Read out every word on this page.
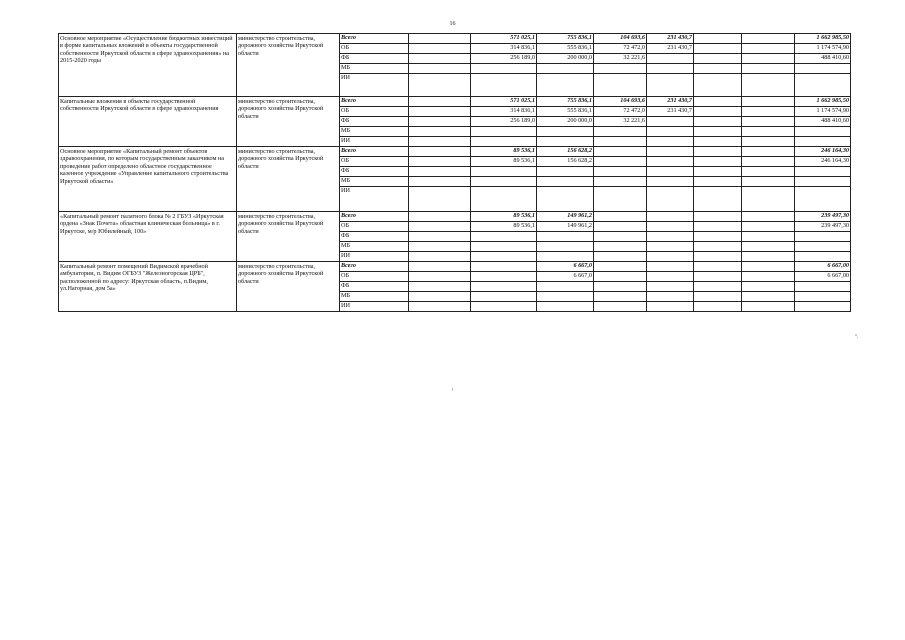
16
Основное мероприятие «Осуществление бюджетных инвестиций в форме капитальных вложений в объекты государственной собственности Иркутской области в сфере здравоохранения» на 2015-2020 годы	министерство строительства, дорожного хозяйства Иркутской области	Всего		571 025,1	755 836,1	104 693,6	231 430,7			1 662 985,50
		ОБ		314 836,1	555 836,1	72 472,0	231 430,7			1 174 574,90
		ФБ		256 189,0	200 000,0	32 221,6				488 410,60
		МБ								
		ИИ								
Капитальные вложения в объекты государственной собственности Иркутской области в сфере здравоохранения	министерство строительства, дорожного хозяйства Иркутской области	Всего		571 025,1	755 836,1	104 693,6	231 430,7			1 662 985,50
		ОБ		314 836,1	555 836,1	72 472,0	231 430,7			1 174 574,90
		ФБ		256 189,0	200 000,0	32 221,6				488 410,60
		МБ								
		ИИ								
Основное мероприятие «Капитальный ремонт объектов здравоохранения, по которым государственным заказчиком на проведение работ определено областное государственное казенное учреждение «Управление капитального строительства Иркутской области»	министерство строительства, дорожного хозяйства Иркутской области	Всего		89 536,1	156 628,2					246 164,30
		ОБ		89 536,1	156 628,2					246 164,30
		ФБ								
		МБ								
		ИИ								
«Капитальный ремонт палатного блока № 2 ГБУЗ «Иркутская ордена «Знак Почета» областная клиническая больница» в г. Иркутске, м/р Юбилейный, 100»	министерство строительства, дорожного хозяйства Иркутской области	Всего		89 536,1	149 961,2					239 497,30
		ОБ		89 536,1	149 961,2					239 497,30
		ФБ								
		МБ								
		ИИ								
Капитальный ремонт помещений Видимской врачебной амбулатории, п. Видим ОГБУЗ "Железногорская ЦРБ", расположенной по адресу: Иркутская область, п.Видим, ул.Нагорная, дом 5а»	министерство строительства, дорожного хозяйства Иркутской области	Всего			6 667,0					6 667,00
		ОБ			6 667,0					6 667,00
		ФБ								
		МБ								
		ИИ								
".
